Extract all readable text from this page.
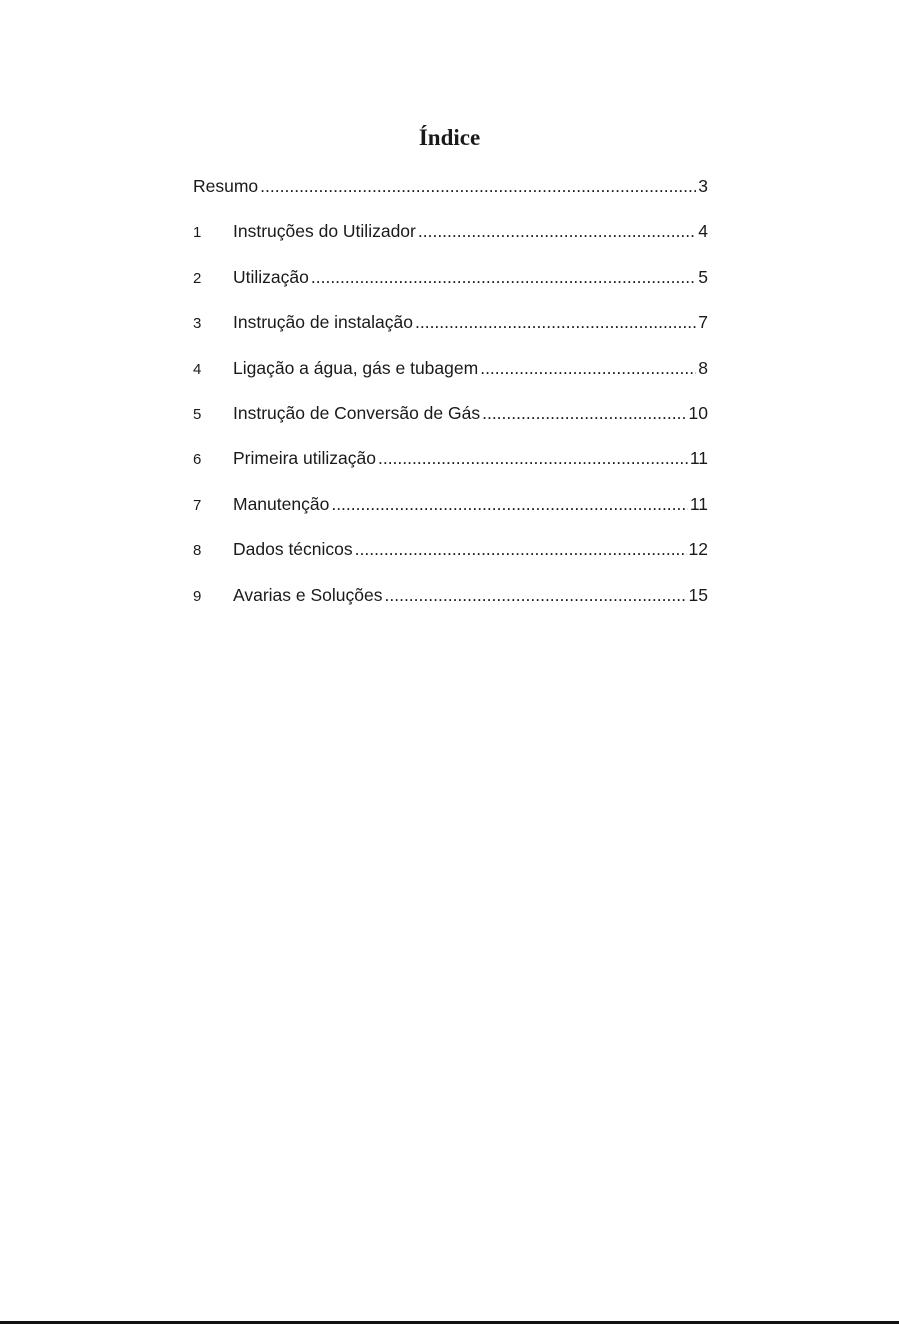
Índice
Resumo .....	3
1	Instruções do Utilizador .....	4
2	Utilização .....	5
3	Instrução de instalação .....	7
4	Ligação a água, gás e tubagem .....	8
5	Instrução de Conversão de Gás .....	10
6	Primeira utilização .....	11
7	Manutenção .....	11
8	Dados técnicos .....	12
9	Avarias e Soluções .....	15
